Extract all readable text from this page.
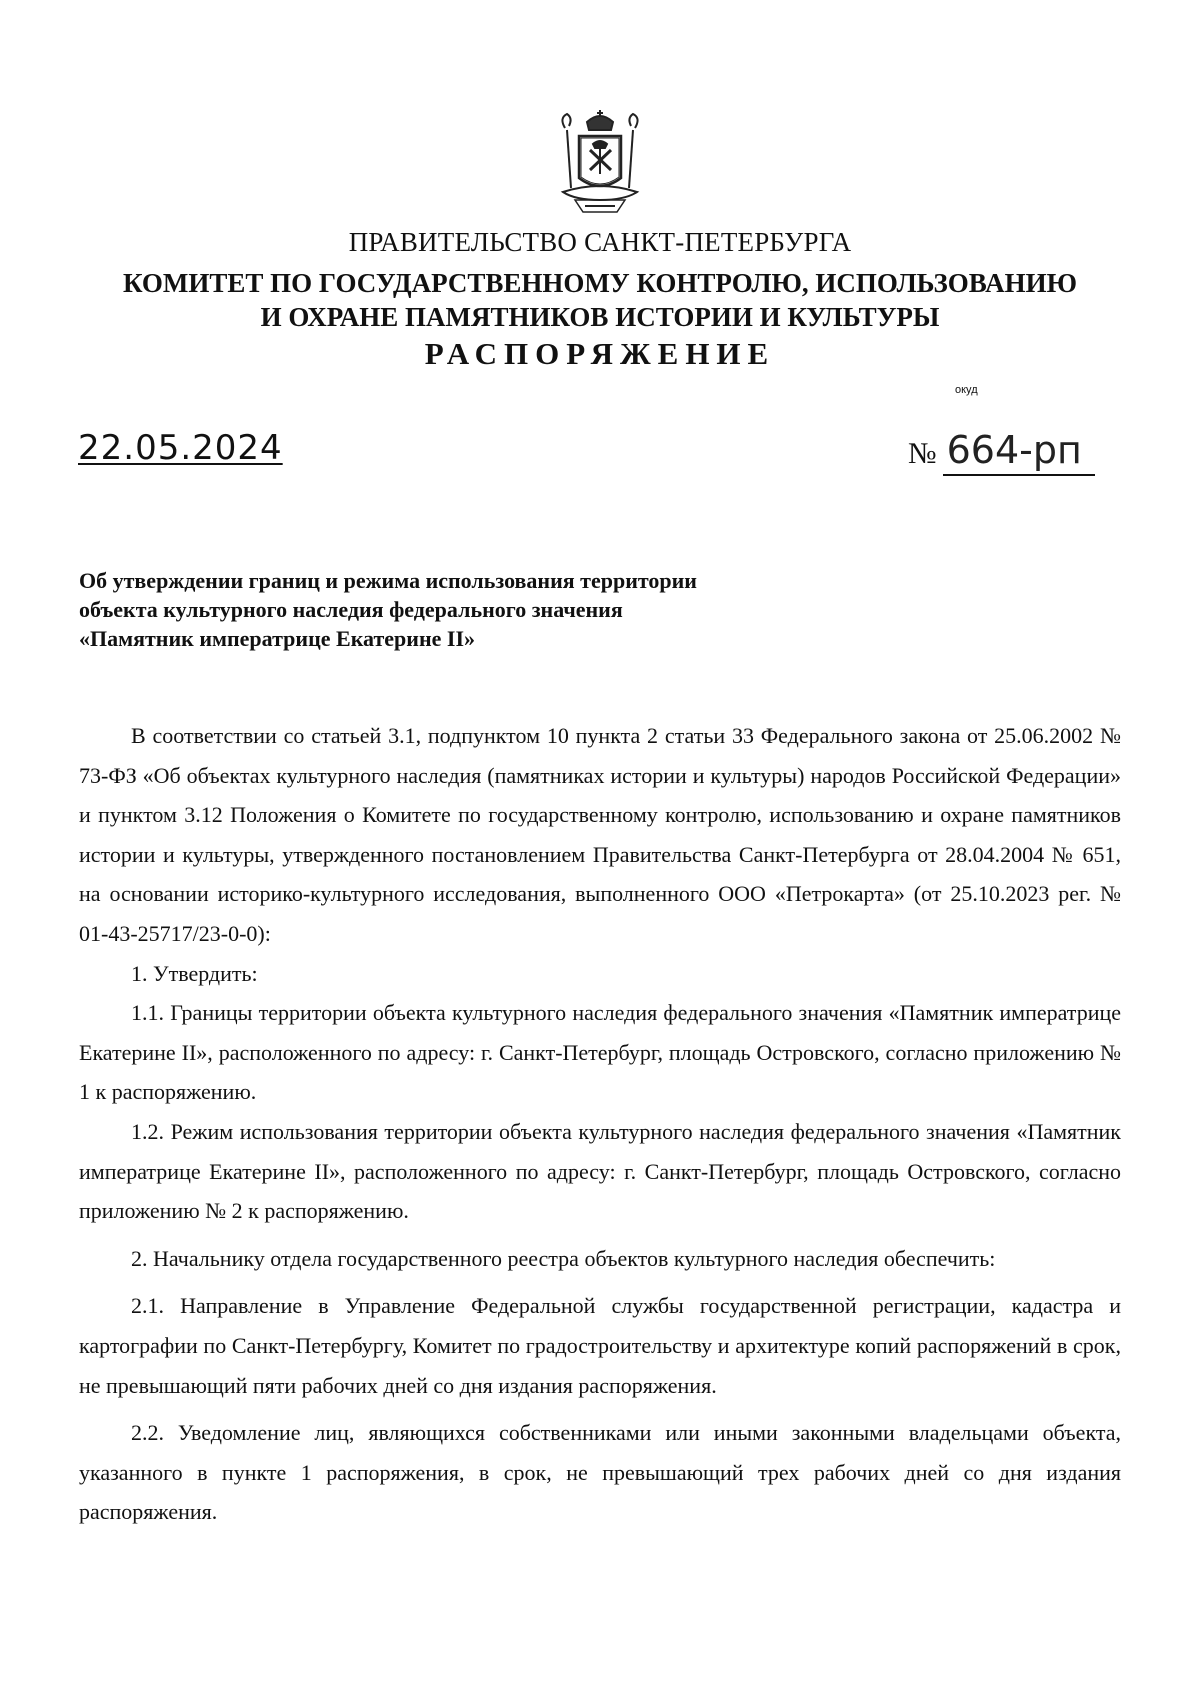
ПРАВИТЕЛЬСТВО САНКТ-ПЕТЕРБУРГА
КОМИТЕТ ПО ГОСУДАРСТВЕННОМУ КОНТРОЛЮ, ИСПОЛЬЗОВАНИЮ
И ОХРАНЕ ПАМЯТНИКОВ ИСТОРИИ И КУЛЬТУРЫ
РАСПОРЯЖЕНИЕ
окуд
22.05.2024	№ 664-рп
Об утверждении границ и режима использования территории
объекта культурного наследия федерального значения
«Памятник императрице Екатерине II»

В соответствии со статьей 3.1, подпунктом 10 пункта 2 статьи 33 Федерального закона от 25.06.2002 № 73-ФЗ «Об объектах культурного наследия (памятниках истории и культуры) народов Российской Федерации» и пунктом 3.12 Положения о Комитете по государственному контролю, использованию и охране памятников истории и культуры, утвержденного постановлением Правительства Санкт-Петербурга от 28.04.2004 № 651, на основании историко-культурного исследования, выполненного ООО «Петрокарта» (от 25.10.2023 рег. № 01-43-25717/23-0-0):

1. Утвердить:

1.1. Границы территории объекта культурного наследия федерального значения «Памятник императрице Екатерине II», расположенного по адресу: г. Санкт-Петербург, площадь Островского, согласно приложению № 1 к распоряжению.

1.2. Режим использования территории объекта культурного наследия федерального значения «Памятник императрице Екатерине II», расположенного по адресу: г. Санкт-Петербург, площадь Островского, согласно приложению № 2 к распоряжению.

2. Начальнику отдела государственного реестра объектов культурного наследия обеспечить:

2.1. Направление в Управление Федеральной службы государственной регистрации, кадастра и картографии по Санкт-Петербургу, Комитет по градостроительству и архитектуре копий распоряжений в срок, не превышающий пяти рабочих дней со дня издания распоряжения.

2.2. Уведомление лиц, являющихся собственниками или иными законными владельцами объекта, указанного в пункте 1 распоряжения, в срок, не превышающий трех рабочих дней со дня издания распоряжения.
